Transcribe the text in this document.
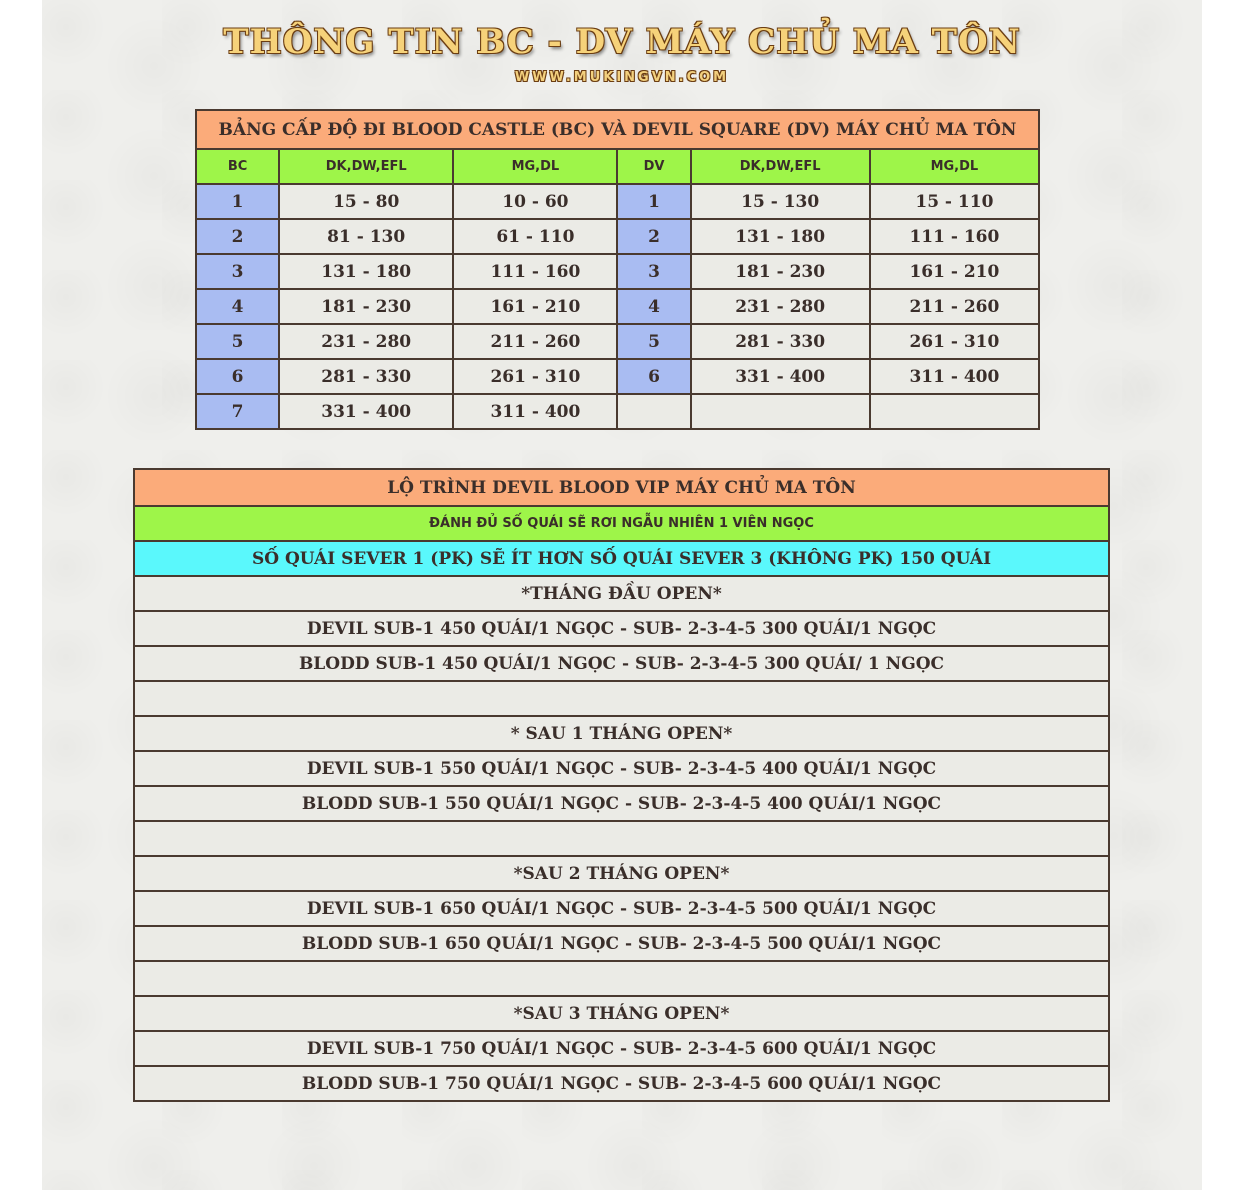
THÔNG TIN BC - DV MÁY CHỦ MA TÔN
WWW.MUKINGVN.COM
BẢNG CẤP ĐỘ ĐI BLOOD CASTLE (BC) VÀ DEVIL SQUARE (DV) MÁY CHỦ MA TÔN					
BC	DK,DW,EFL	MG,DL	DV	DK,DW,EFL	MG,DL
1	15 - 80	10 - 60	1	15 - 130	15 - 110
2	81 - 130	61 - 110	2	131 - 180	111 - 160
3	131 - 180	111 - 160	3	181 - 230	161 - 210
4	181 - 230	161 - 210	4	231 - 280	211 - 260
5	231 - 280	211 - 260	5	281 - 330	261 - 310
6	281 - 330	261 - 310	6	331 - 400	311 - 400
7	331 - 400	311 - 400			
LỘ TRÌNH DEVIL BLOOD VIP MÁY CHỦ MA TÔN
ĐÁNH ĐỦ SỐ QUÁI SẼ RƠI NGẪU NHIÊN 1 VIÊN NGỌC
SỐ QUÁI SEVER 1 (PK) SẼ ÍT HƠN SỐ QUÁI SEVER 3 (KHÔNG PK) 150 QUÁI
*THÁNG ĐẦU OPEN*
DEVIL SUB-1 450 QUÁI/1 NGỌC - SUB- 2-3-4-5 300 QUÁI/1 NGỌC
BLODD SUB-1 450 QUÁI/1 NGỌC - SUB- 2-3-4-5 300 QUÁI/ 1 NGỌC

* SAU 1 THÁNG OPEN*
DEVIL SUB-1 550 QUÁI/1 NGỌC - SUB- 2-3-4-5 400 QUÁI/1 NGỌC
BLODD SUB-1 550 QUÁI/1 NGỌC - SUB- 2-3-4-5 400 QUÁI/1 NGỌC

*SAU 2 THÁNG OPEN*
DEVIL SUB-1 650 QUÁI/1 NGỌC - SUB- 2-3-4-5 500 QUÁI/1 NGỌC
BLODD SUB-1 650 QUÁI/1 NGỌC - SUB- 2-3-4-5 500 QUÁI/1 NGỌC

*SAU 3 THÁNG OPEN*
DEVIL SUB-1 750 QUÁI/1 NGỌC - SUB- 2-3-4-5 600 QUÁI/1 NGỌC
BLODD SUB-1 750 QUÁI/1 NGỌC - SUB- 2-3-4-5 600 QUÁI/1 NGỌC
